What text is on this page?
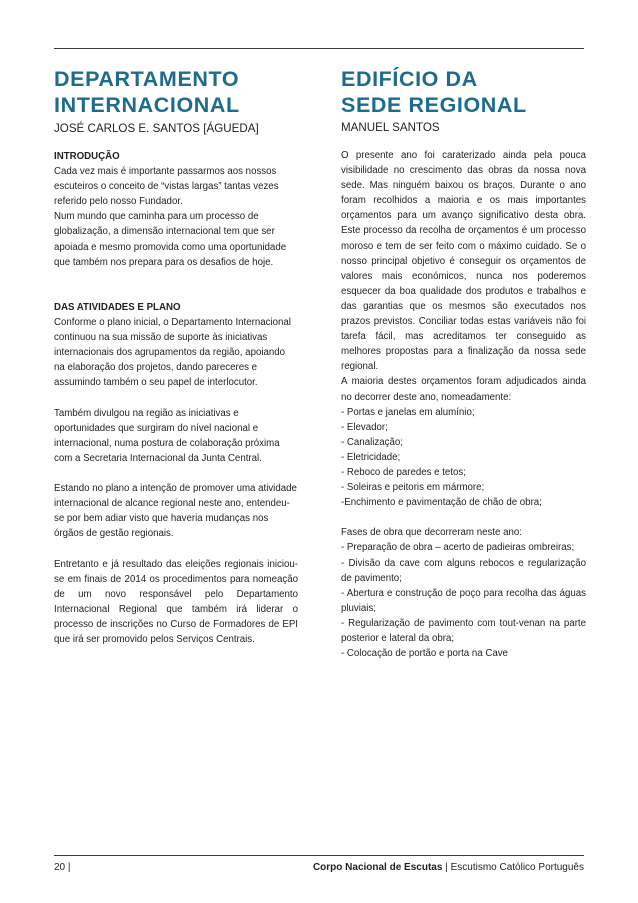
DEPARTAMENTO
INTERNACIONAL
JOSÉ CARLOS E. SANTOS [ÁGUEDA]

INTRODUÇÃO

Cada vez mais é importante passarmos aos nossos escuteiros o conceito de “vistas largas” tantas vezes referido pelo nosso Fundador.

Num mundo que caminha para um processo de globalização, a dimensão internacional tem que ser apoiada e mesmo promovida como uma oportunidade que também nos prepara para os desafios de hoje.

DAS ATIVIDADES E PLANO

Conforme o plano inicial, o Departamento Internacional continuou na sua missão de suporte às iniciativas internacionais dos agrupamentos da região, apoiando na elaboração dos projetos, dando pareceres e assumindo também o seu papel de interlocutor.

Também divulgou na região as iniciativas e oportunidades que surgiram do nível nacional e internacional, numa postura de colaboração próxima com a Secretaria Internacional da Junta Central.

Estando no plano a intenção de promover uma atividade internacional de alcance regional neste ano, entendeu-se por bem adiar visto que haveria mudanças nos órgãos de gestão regionais.

Entretanto e já resultado das eleições regionais iniciou-se em finais de 2014 os procedimentos para nomeação de um novo responsável pelo Departamento Internacional Regional que também irá liderar o processo de inscrições no Curso de Formadores de EPI que irá ser promovido pelos Serviços Centrais.

EDIFÍCIO DA
SEDE REGIONAL
MANUEL SANTOS

O presente ano foi caraterizado ainda pela pouca visibilidade no crescimento das obras da nossa nova sede. Mas ninguém baixou os braços. Durante o ano foram recolhidos a maioria e os mais importantes orçamentos para um avanço significativo desta obra. Este processo da recolha de orçamentos é um processo moroso e tem de ser feito com o máximo cuidado. Se o nosso principal objetivo é conseguir os orçamentos de valores mais económicos, nunca nos poderemos esquecer da boa qualidade dos produtos e trabalhos e das garantias que os mesmos são executados nos prazos previstos. Conciliar todas estas variáveis não foi tarefa fácil, mas acreditamos ter conseguido as melhores propostas para a finalização da nossa sede regional.

A maioria destes orçamentos foram adjudicados ainda no decorrer deste ano, nomeadamente:

- Portas e janelas em alumínio;

- Elevador;

- Canalização;

- Eletricidade;

- Reboco de paredes e tetos;

- Soleiras e peitoris em mármore;

-Enchimento e pavimentação de chão de obra;

Fases de obra que decorreram neste ano:

- Preparação de obra – acerto de padieiras ombreiras;

- Divisão da cave com alguns rebocos e regularização de pavimento;

- Abertura e construção de poço para recolha das águas pluviais;

- Regularização de pavimento com tout-venan na parte posterior e lateral da obra;

- Colocação de portão e porta na Cave

20 |	Corpo Nacional de Escutas | Escutismo Católico Português
